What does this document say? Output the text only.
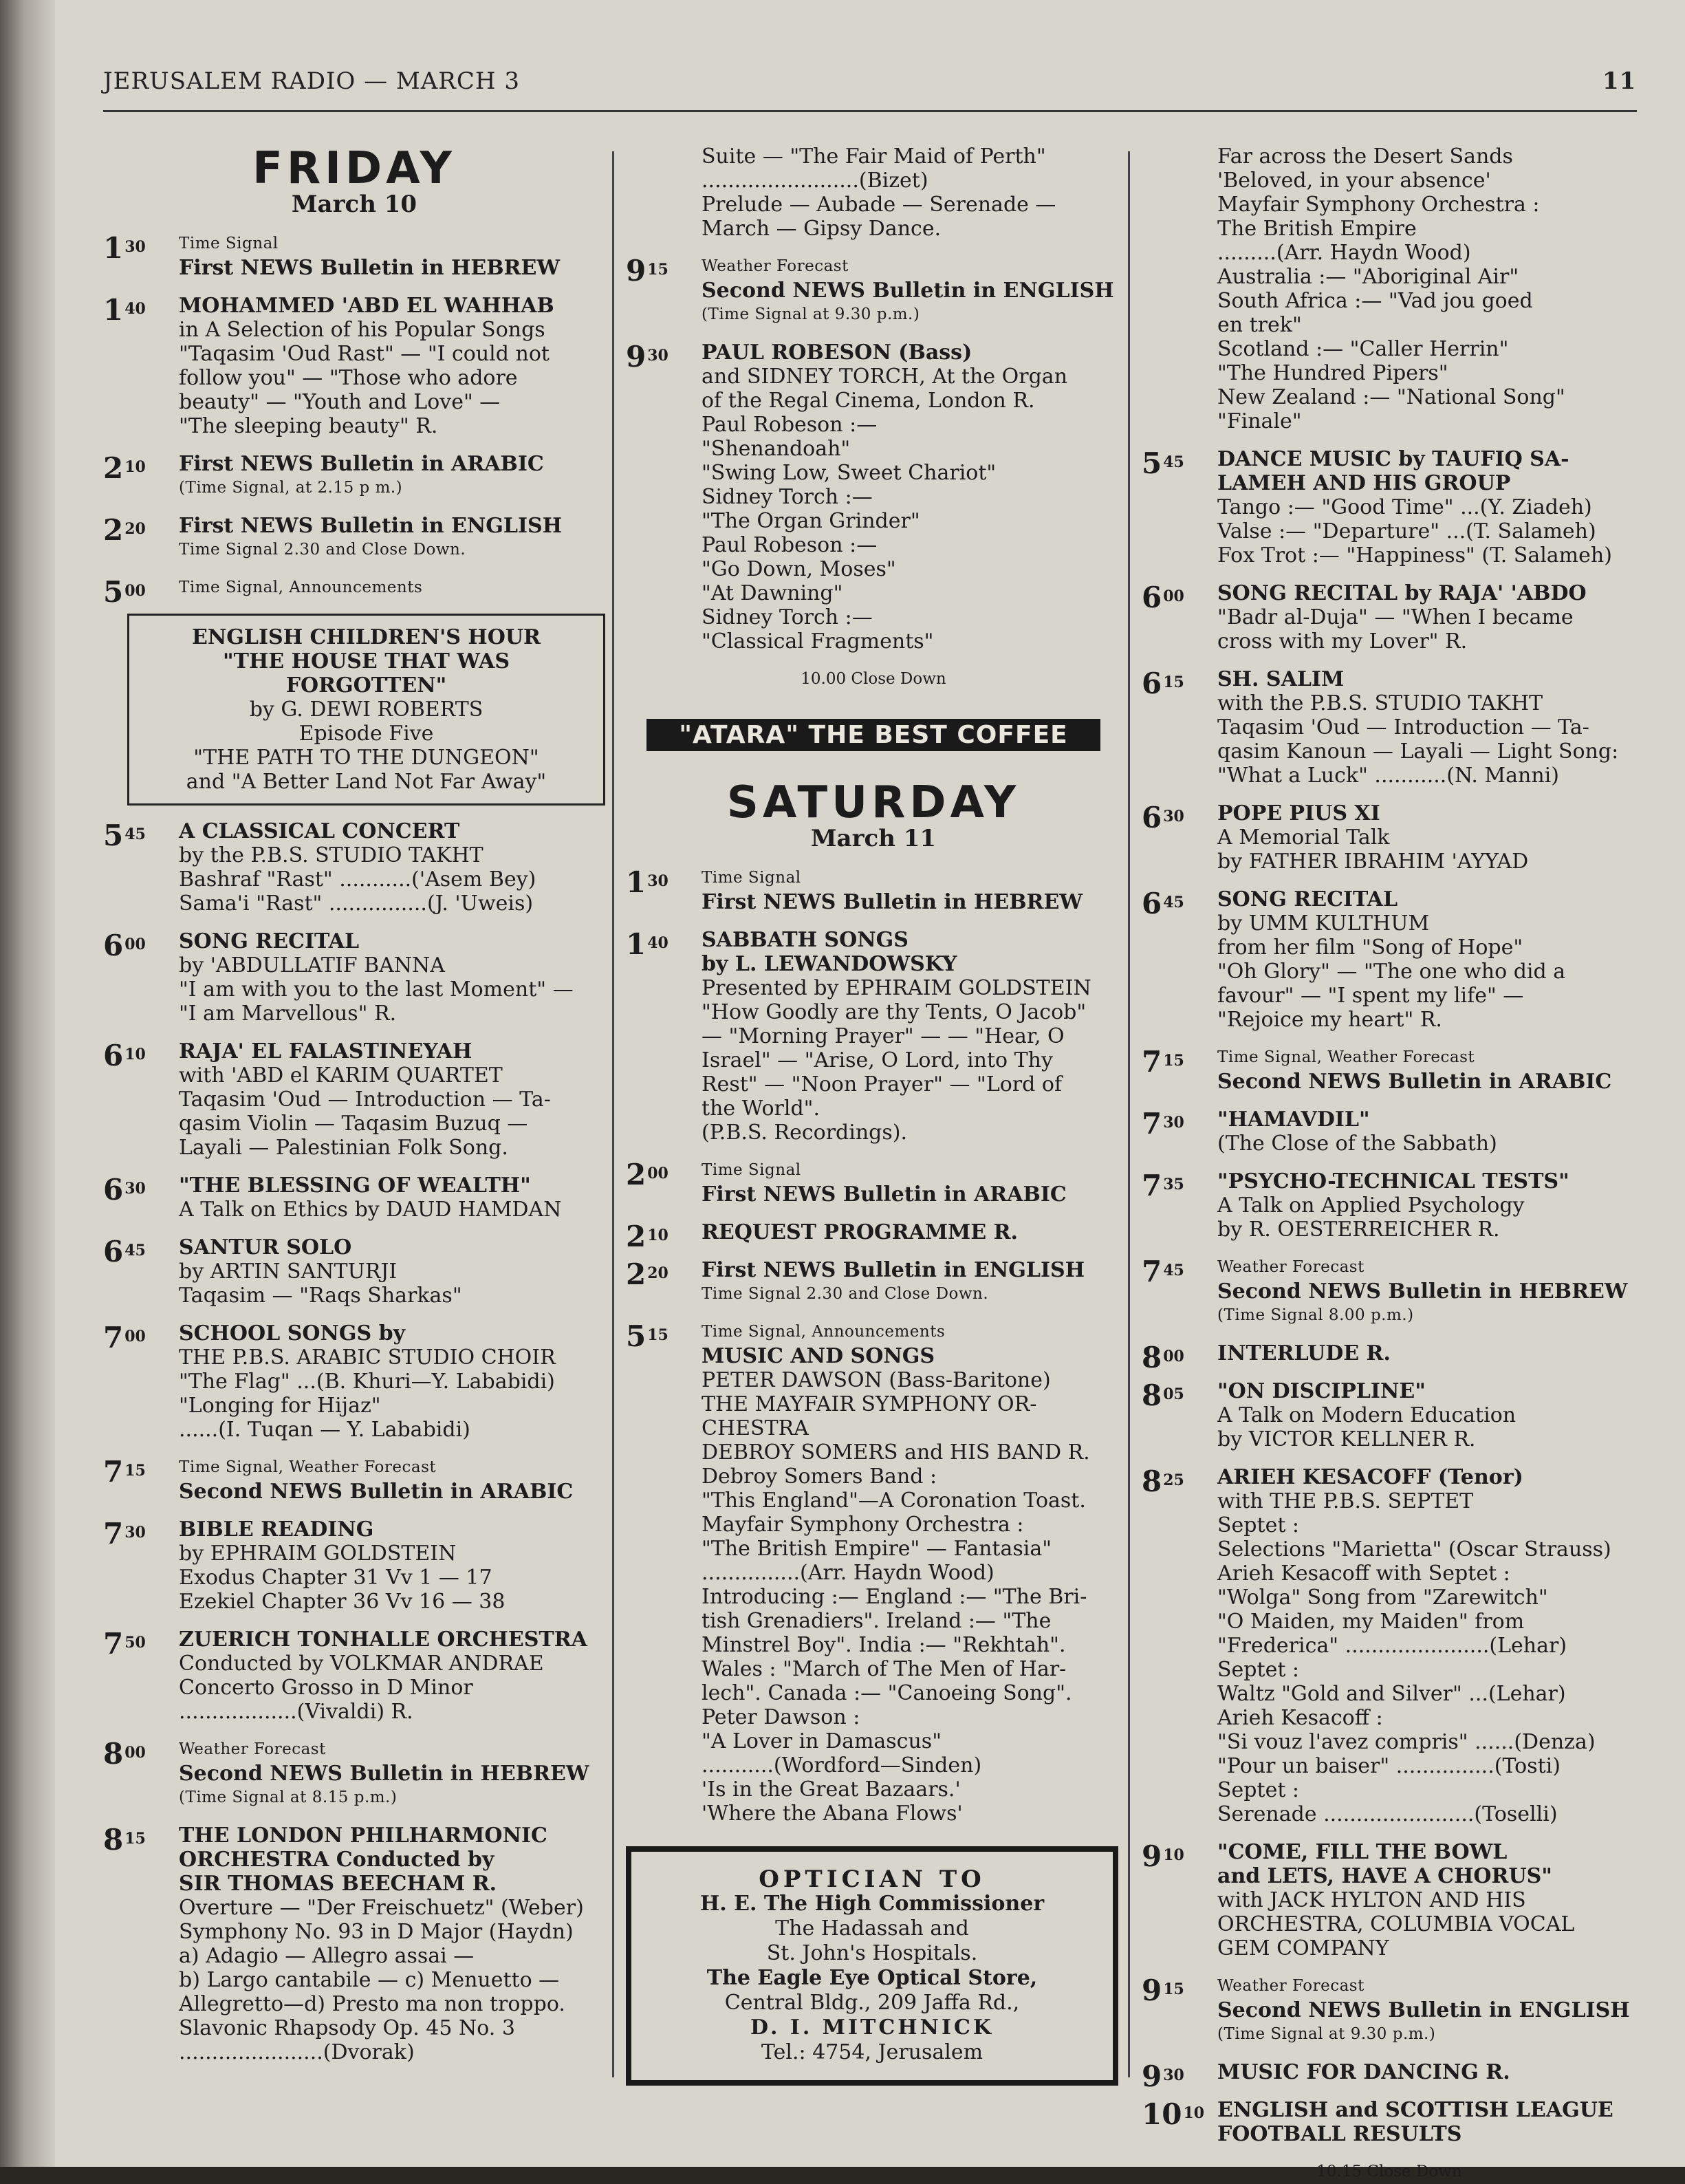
JERUSALEM RADIO — MARCH 3	11
FRIDAY
March 10
$1^{30}$	Time Signal
First NEWS Bulletin in HEBREW
$1^{40}$	MOHAMMED 'ABD EL WAHHAB
in A Selection of his Popular Songs
"Taqasim 'Oud Rast" — "I could not
follow you" — "Those who adore
beauty" — "Youth and Love" —
"The sleeping beauty" R.
$2^{10}$	First NEWS Bulletin in ARABIC
(Time Signal, at 2.15 p m.)
$2^{20}$	First NEWS Bulletin in ENGLISH
Time Signal 2.30 and Close Down.
$5^{00}$	Time Signal, Announcements
ENGLISH CHILDREN'S HOUR
"THE HOUSE THAT WAS
FORGOTTEN"
by G. DEWI ROBERTS
Episode Five
"THE PATH TO THE DUNGEON"
and "A Better Land Not Far Away"
$5^{45}$	A CLASSICAL CONCERT
by the P.B.S. STUDIO TAKHT
Bashraf "Rast" ...........('Asem Bey)
Sama'i "Rast" ...............(J. 'Uweis)
$6^{00}$	SONG RECITAL
by 'ABDULLATIF BANNA
"I am with you to the last Moment" —
"I am Marvellous" R.
$6^{10}$	RAJA' EL FALASTINEYAH
with 'ABD el KARIM QUARTET
Taqasim 'Oud — Introduction — Ta-
qasim Violin — Taqasim Buzuq —
Layali — Palestinian Folk Song.
$6^{30}$	"THE BLESSING OF WEALTH"
A Talk on Ethics by DAUD HAMDAN
$6^{45}$	SANTUR SOLO
by ARTIN SANTURJI
Taqasim — "Raqs Sharkas"
$7^{00}$	SCHOOL SONGS by
THE P.B.S. ARABIC STUDIO CHOIR
"The Flag" ...(B. Khuri—Y. Lababidi)
"Longing for Hijaz"
......(I. Tuqan — Y. Lababidi)
$7^{15}$	Time Signal, Weather Forecast
Second NEWS Bulletin in ARABIC
$7^{30}$	BIBLE READING
by EPHRAIM GOLDSTEIN
Exodus Chapter 31 Vv 1 — 17
Ezekiel Chapter 36 Vv 16 — 38
$7^{50}$	ZUERICH TONHALLE ORCHESTRA
Conducted by VOLKMAR ANDRAE
Concerto Grosso in D Minor
..................(Vivaldi) R.
$8^{00}$	Weather Forecast
Second NEWS Bulletin in HEBREW
(Time Signal at 8.15 p.m.)
$8^{15}$	THE LONDON PHILHARMONIC
ORCHESTRA Conducted by
SIR THOMAS BEECHAM R.
Overture — "Der Freischuetz" (Weber)
Symphony No. 93 in D Major (Haydn)
a) Adagio — Allegro assai —
b) Largo cantabile — c) Menuetto —
Allegretto—d) Presto ma non troppo.
Slavonic Rhapsody Op. 45 No. 3
......................(Dvorak)
Suite — "The Fair Maid of Perth"
........................(Bizet)
Prelude — Aubade — Serenade —
March — Gipsy Dance.
$9^{15}$	Weather Forecast
Second NEWS Bulletin in ENGLISH
(Time Signal at 9.30 p.m.)
$9^{30}$	PAUL ROBESON (Bass)
and SIDNEY TORCH, At the Organ
of the Regal Cinema, London R.
Paul Robeson :—
"Shenandoah"
"Swing Low, Sweet Chariot"
Sidney Torch :—
"The Organ Grinder"
Paul Robeson :—
"Go Down, Moses"
"At Dawning"
Sidney Torch :—
"Classical Fragments"
10.00 Close Down
"ATARA" THE BEST COFFEE
SATURDAY
March 11
$1^{30}$	Time Signal
First NEWS Bulletin in HEBREW
$1^{40}$	SABBATH SONGS
by L. LEWANDOWSKY
Presented by EPHRAIM GOLDSTEIN
"How Goodly are thy Tents, O Jacob"
— "Morning Prayer" — — "Hear, O
Israel" — "Arise, O Lord, into Thy
Rest" — "Noon Prayer" — "Lord of
the World".
(P.B.S. Recordings).
$2^{00}$	Time Signal
First NEWS Bulletin in ARABIC
$2^{10}$	REQUEST PROGRAMME R.
$2^{20}$	First NEWS Bulletin in ENGLISH
Time Signal 2.30 and Close Down.
$5^{15}$	Time Signal, Announcements
MUSIC AND SONGS
PETER DAWSON (Bass-Baritone)
THE MAYFAIR SYMPHONY OR-
CHESTRA
DEBROY SOMERS and HIS BAND R.
Debroy Somers Band :
"This England"—A Coronation Toast.
Mayfair Symphony Orchestra :
"The British Empire" — Fantasia"
...............(Arr. Haydn Wood)
Introducing :— England :— "The Bri-
tish Grenadiers". Ireland :— "The
Minstrel Boy". India :— "Rekhtah".
Wales : "March of The Men of Har-
lech". Canada :— "Canoeing Song".
Peter Dawson :
"A Lover in Damascus"
...........(Wordford—Sinden)
'Is in the Great Bazaars.'
'Where the Abana Flows'
OPTICIAN TO
H. E. The High Commissioner
The Hadassah and
St. John's Hospitals.
The Eagle Eye Optical Store,
Central Bldg., 209 Jaffa Rd.,
D. I. MITCHNICK
Tel.: 4754, Jerusalem
Far across the Desert Sands
'Beloved, in your absence'
Mayfair Symphony Orchestra :
The British Empire
.........(Arr. Haydn Wood)
Australia :— "Aboriginal Air"
South Africa :— "Vad jou goed
en trek"
Scotland :— "Caller Herrin"
"The Hundred Pipers"
New Zealand :— "National Song"
"Finale"
$5^{45}$	DANCE MUSIC by TAUFIQ SA-
LAMEH AND HIS GROUP
Tango :— "Good Time" ...(Y. Ziadeh)
Valse :— "Departure" ...(T. Salameh)
Fox Trot :— "Happiness" (T. Salameh)
$6^{00}$	SONG RECITAL by RAJA' 'ABDO
"Badr al-Duja" — "When I became
cross with my Lover" R.
$6^{15}$	SH. SALIM
with the P.B.S. STUDIO TAKHT
Taqasim 'Oud — Introduction — Ta-
qasim Kanoun — Layali — Light Song:
"What a Luck" ...........(N. Manni)
$6^{30}$	POPE PIUS XI
A Memorial Talk
by FATHER IBRAHIM 'AYYAD
$6^{45}$	SONG RECITAL
by UMM KULTHUM
from her film "Song of Hope"
"Oh Glory" — "The one who did a
favour" — "I spent my life" —
"Rejoice my heart" R.
$7^{15}$	Time Signal, Weather Forecast
Second NEWS Bulletin in ARABIC
$7^{30}$	"HAMAVDIL"
(The Close of the Sabbath)
$7^{35}$	"PSYCHO-TECHNICAL TESTS"
A Talk on Applied Psychology
by R. OESTERREICHER R.
$7^{45}$	Weather Forecast
Second NEWS Bulletin in HEBREW
(Time Signal 8.00 p.m.)
$8^{00}$	INTERLUDE R.
$8^{05}$	"ON DISCIPLINE"
A Talk on Modern Education
by VICTOR KELLNER R.
$8^{25}$	ARIEH KESACOFF (Tenor)
with THE P.B.S. SEPTET
Septet :
Selections "Marietta" (Oscar Strauss)
Arieh Kesacoff with Septet :
"Wolga" Song from "Zarewitch"
"O Maiden, my Maiden" from
"Frederica" ......................(Lehar)
Septet :
Waltz "Gold and Silver" ...(Lehar)
Arieh Kesacoff :
"Si vouz l'avez compris" ......(Denza)
"Pour un baiser" ...............(Tosti)
Septet :
Serenade .......................(Toselli)
$9^{10}$	"COME, FILL THE BOWL
and LETS, HAVE A CHORUS"
with JACK HYLTON AND HIS
ORCHESTRA, COLUMBIA VOCAL
GEM COMPANY
$9^{15}$	Weather Forecast
Second NEWS Bulletin in ENGLISH
(Time Signal at 9.30 p.m.)
$9^{30}$	MUSIC FOR DANCING R.
$10^{10}$ ENGLISH and SCOTTISH LEAGUE
FOOTBALL RESULTS
10.15 Close Down
